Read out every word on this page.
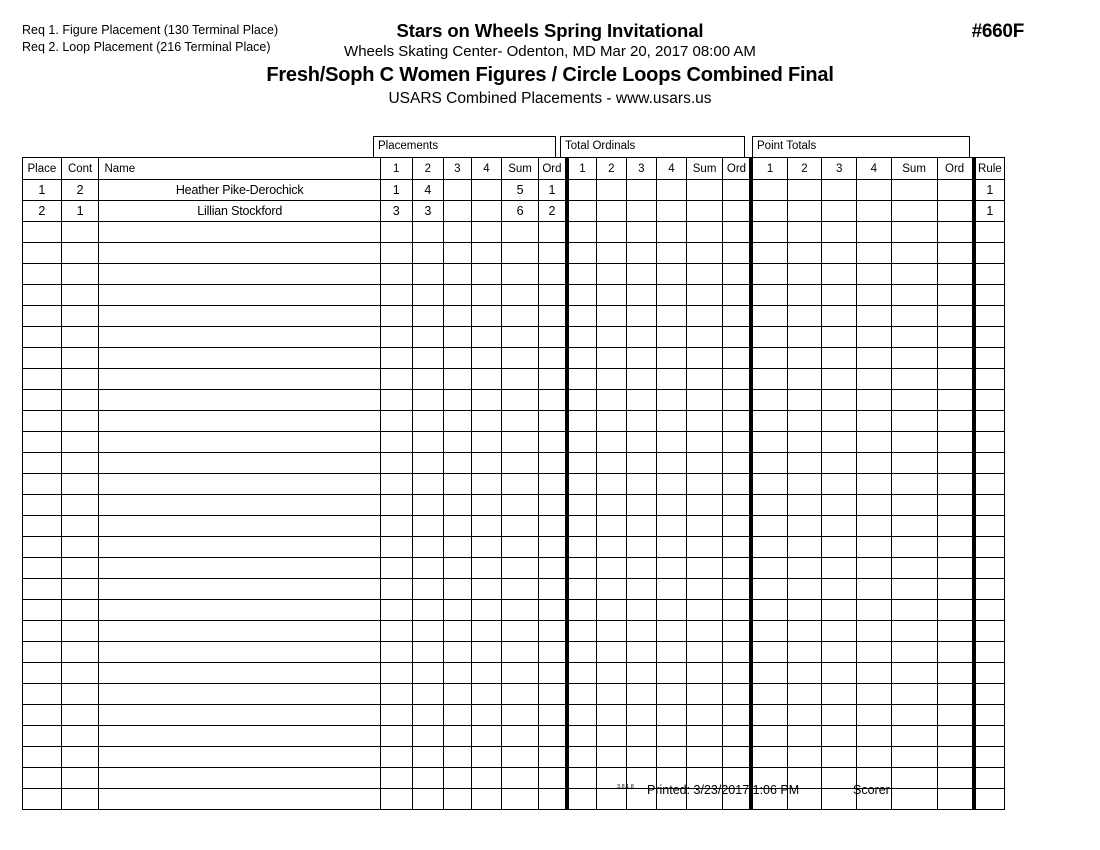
Req 1. Figure Placement (130 Terminal Place)
Req 2. Loop Placement (216 Terminal Place)
Stars on Wheels Spring Invitational
Wheels Skating Center- Odenton, MD Mar 20, 2017 08:00 AM
Fresh/Soph C Women Figures / Circle Loops Combined Final
USARS Combined Placements - www.usars.us
#660F
Placements	Total Ordinals	Point Totals
Place	Cont	Name	1	2	3	4	Sum	Ord	1	2	3	4	Sum	Ord	1	2	3	4	Sum	Ord	Rule
1	2	Heather Pike-Derochick	1	4			5	1													1
2	1	Lillian Stockford	3	3			6	2													1

3.8.1.8 Printed: 3/23/2017 1:06 PM	Scorer:
